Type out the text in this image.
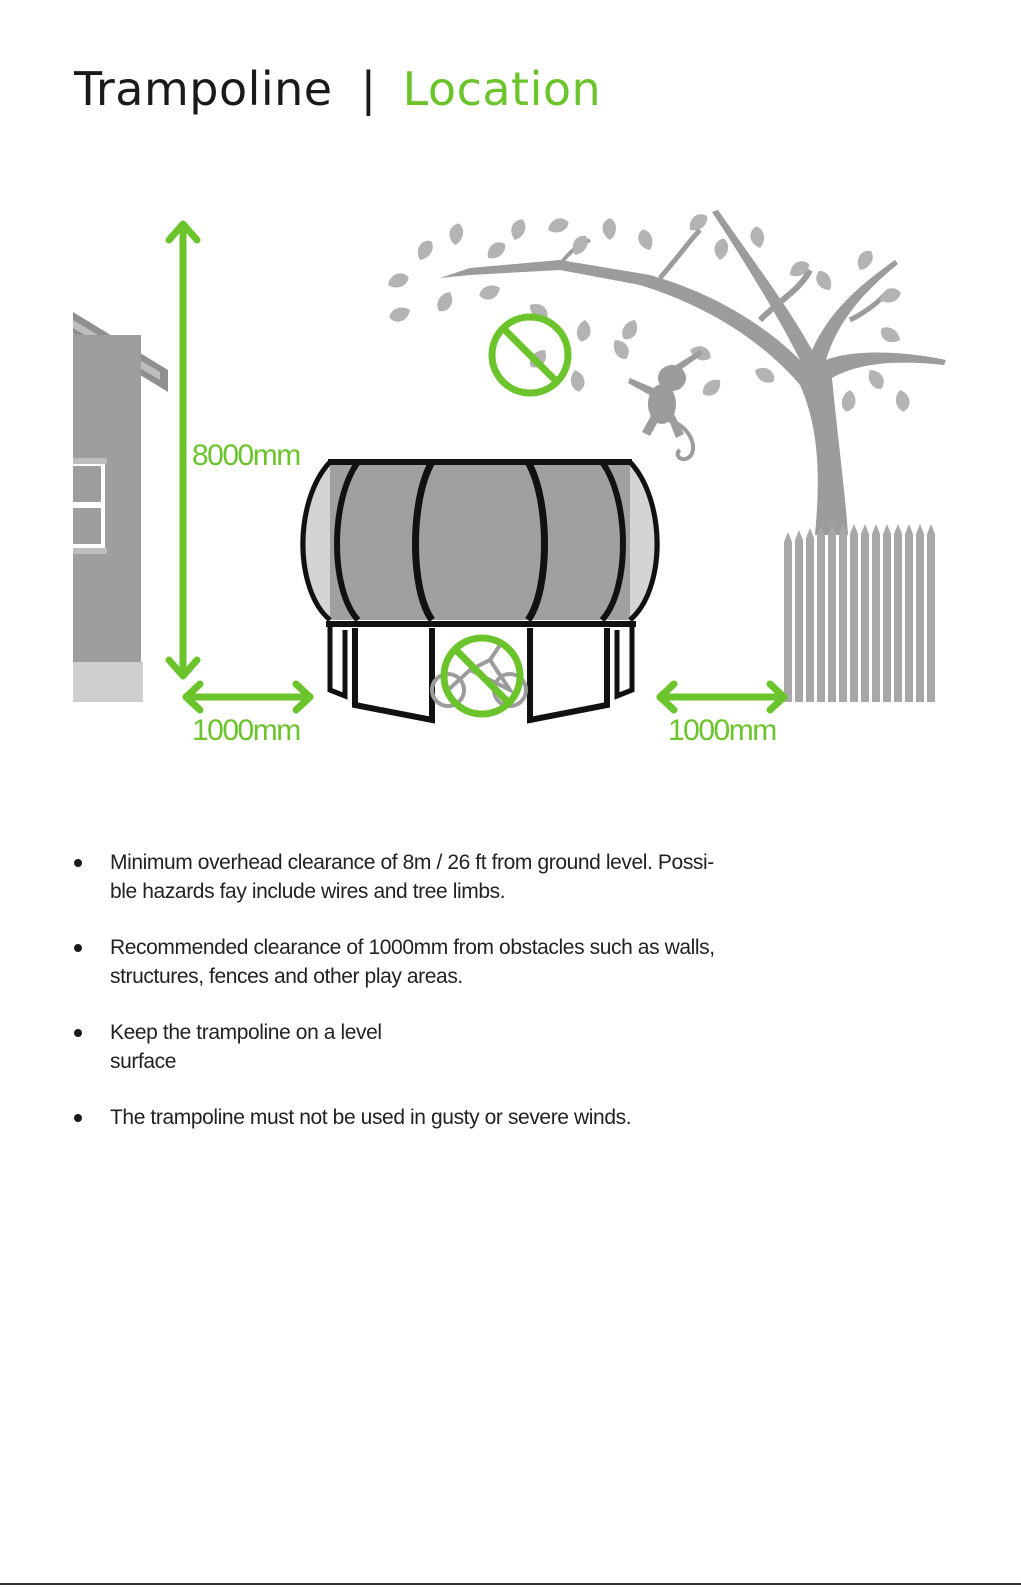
Trampoline | Location
8000mm
1000mm	1000mm
Minimum overhead clearance of 8m / 26 ft from ground level. Possi-
ble hazards fay include wires and tree limbs.
Recommended clearance of 1000mm from obstacles such as walls,
structures, fences and other play areas.
Keep the trampoline on a level
surface
The trampoline must not be used in gusty or severe winds.
